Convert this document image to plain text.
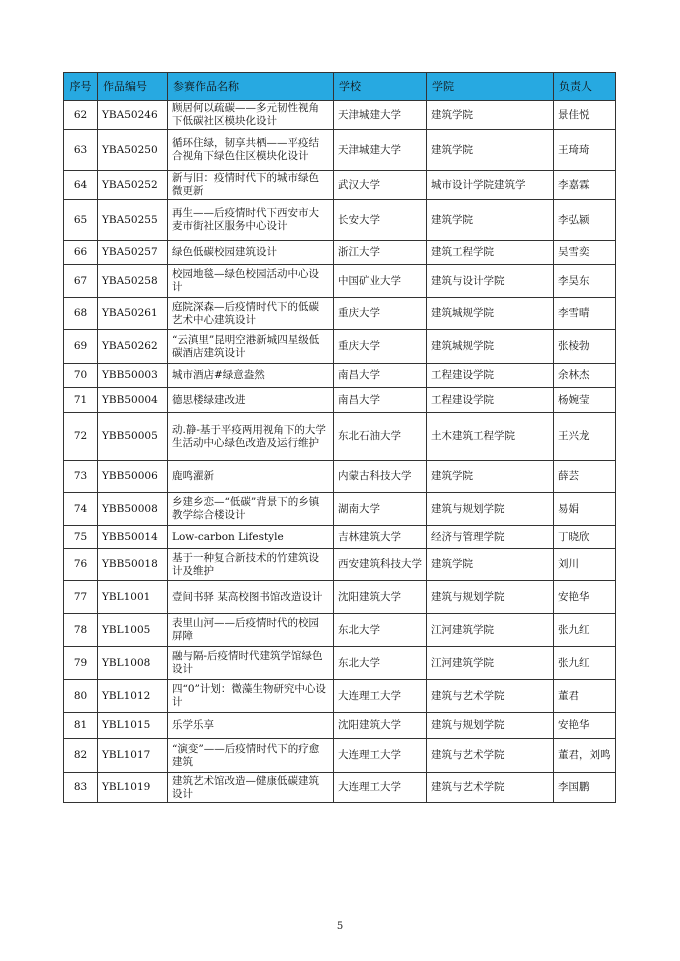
序号	作品编号	参赛作品名称	学校	学院	负责人
62	YBA50246	顾居何以疏碳——多元韧性视角下低碳社区模块化设计	天津城建大学	建筑学院	景佳悦
63	YBA50250	循环住绿，韧享共栖——平疫结合视角下绿色住区模块化设计	天津城建大学	建筑学院	王琦琦
64	YBA50252	新与旧：疫情时代下的城市绿色微更新	武汉大学	城市设计学院建筑学	李嘉霖
65	YBA50255	再生——后疫情时代下西安市大麦市街社区服务中心设计	长安大学	建筑学院	李弘颍
66	YBA50257	绿色低碳校园建筑设计	浙江大学	建筑工程学院	吴雪奕
67	YBA50258	校园地毯—绿色校园活动中心设计	中国矿业大学	建筑与设计学院	李昊东
68	YBA50261	庭院深森—后疫情时代下的低碳艺术中心建筑设计	重庆大学	建筑城规学院	李雪晴
69	YBA50262	“云滇里”昆明空港新城四星级低碳酒店建筑设计	重庆大学	建筑城规学院	张棱勃
70	YBB50003	城市酒店#绿意盎然	南昌大学	工程建设学院	余林杰
71	YBB50004	德思楼绿建改进	南昌大学	工程建设学院	杨婉莹
72	YBB50005	动.静-基于平疫两用视角下的大学生活动中心绿色改造及运行维护	东北石油大学	土木建筑工程学院	王兴龙
73	YBB50006	鹿鸣濯新	内蒙古科技大学	建筑学院	薛芸
74	YBB50008	乡建乡恋—“低碳”背景下的乡镇教学综合楼设计	湖南大学	建筑与规划学院	易娟
75	YBB50014	Low-carbon Lifestyle	吉林建筑大学	经济与管理学院	丁晓欣
76	YBB50018	基于一种复合新技术的竹建筑设计及维护	西安建筑科技大学	建筑学院	刘川
77	YBL1001	壹间书驿 某高校图书馆改造设计	沈阳建筑大学	建筑与规划学院	安艳华
78	YBL1005	表里山河——后疫情时代的校园屏障	东北大学	江河建筑学院	张九红
79	YBL1008	融与隔-后疫情时代建筑学馆绿色设计	东北大学	江河建筑学院	张九红
80	YBL1012	四“0”计划：微藻生物研究中心设计	大连理工大学	建筑与艺术学院	董君
81	YBL1015	乐学乐享	沈阳建筑大学	建筑与规划学院	安艳华
82	YBL1017	“演变”——后疫情时代下的疗愈建筑	大连理工大学	建筑与艺术学院	董君，刘鸣
83	YBL1019	建筑艺术馆改造—健康低碳建筑设计	大连理工大学	建筑与艺术学院	李国鹏
5
